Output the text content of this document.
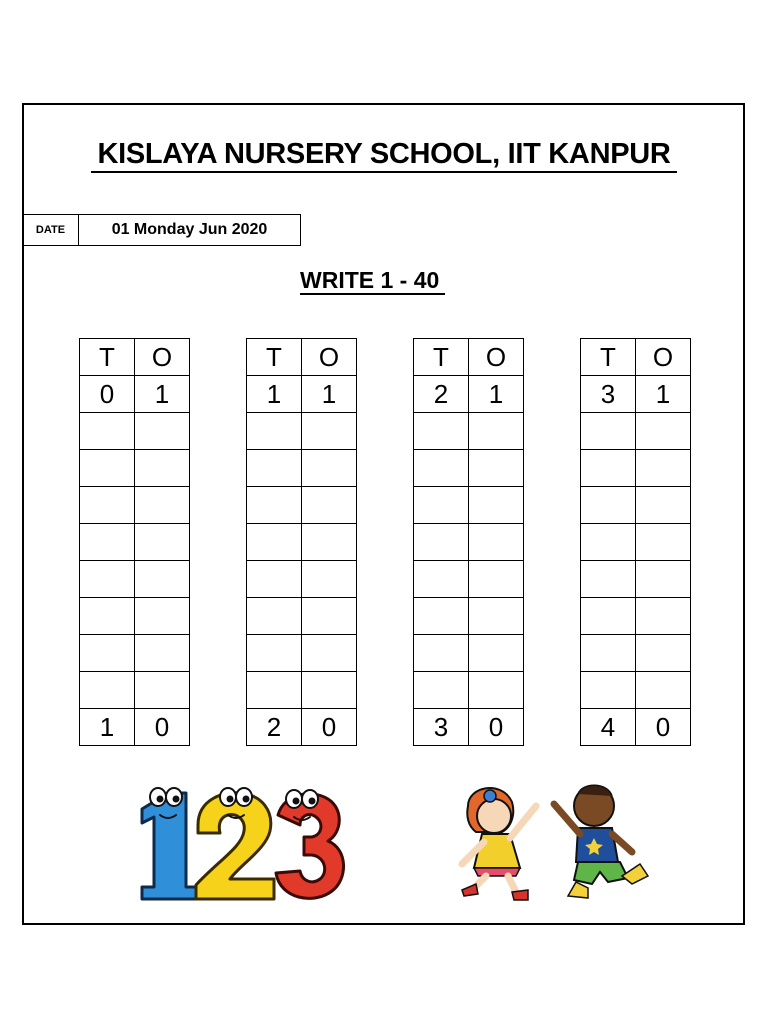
KISLAYA NURSERY SCHOOL, IIT KANPUR
DATE	01 Monday Jun 2020
WRITE 1 - 40
T	O
0	1

1	0
T	O
1	1

2	0
T	O
2	1

3	0
T	O
3	1

4	0
